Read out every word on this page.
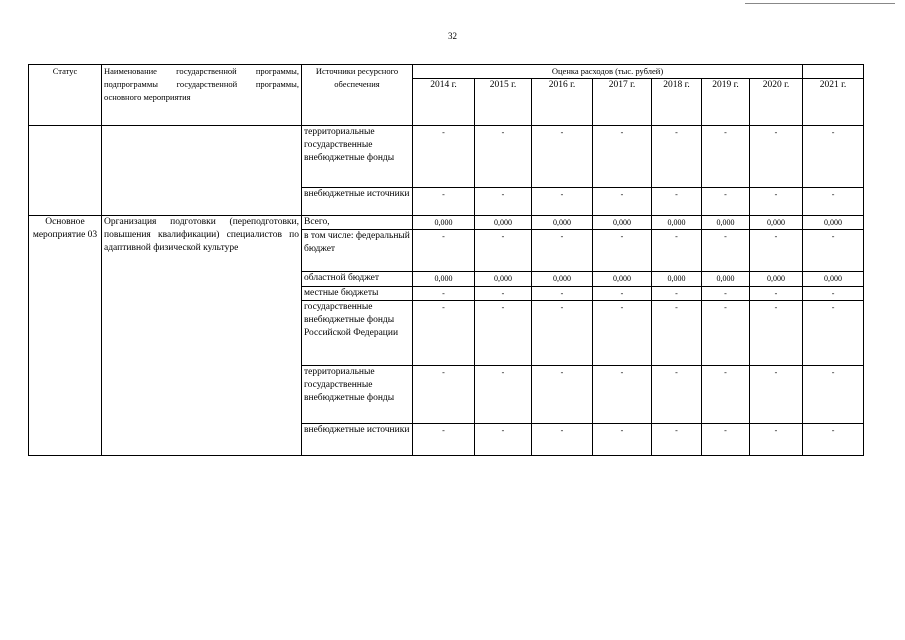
32
Статус	Наименование государственной программы, подпрограммы государственной программы, основного мероприятия	Источники ресурсного обеспечения	Оценка расходов (тыс. рублей)							
			2014 г.	2015 г.	2016 г.	2017 г.	2018 г.	2019 г.	2020 г.	2021 г.
		территориальные государственные внебюджетные фонды	-	-	-	-	-	-	-	-
		внебюджетные источники	-	-	-	-	-	-	-	-
Основное мероприятие 03	Организация подготовки (переподготовки, повышения квалификации) специалистов по адаптивной физической культуре	Всего,	0,000	0,000	0,000	0,000	0,000	0,000	0,000	0,000
		в том числе: федеральный бюджет	-	-	-	-	-	-	-	-
		областной бюджет	0,000	0,000	0,000	0,000	0,000	0,000	0,000	0,000
		местные бюджеты	-	-	-	-	-	-	-	-
		государственные внебюджетные фонды Российской Федерации	-	-	-	-	-	-	-	-
		территориальные государственные внебюджетные фонды	-	-	-	-	-	-	-	-
		внебюджетные источники	-	-	-	-	-	-	-	-
